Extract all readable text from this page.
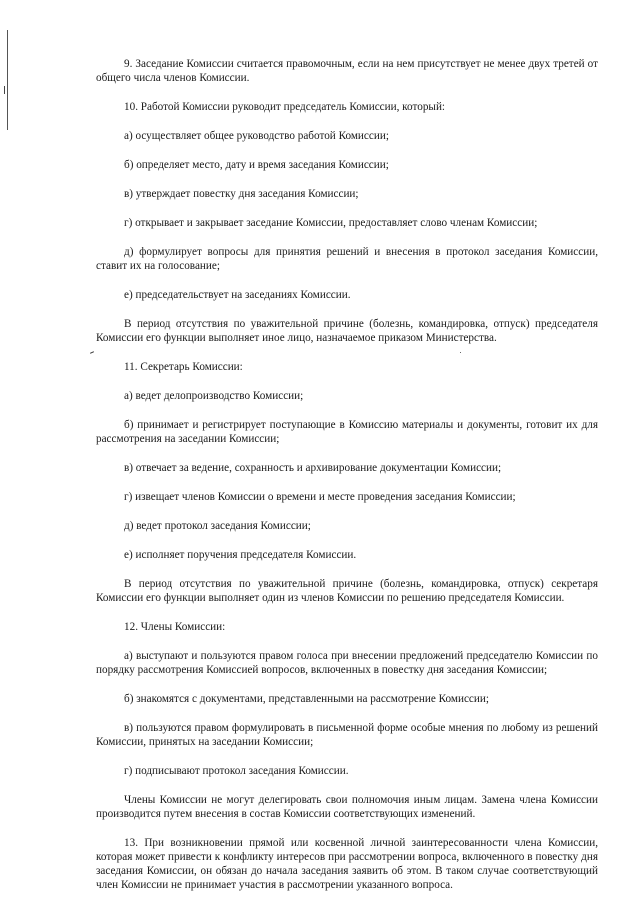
9. Заседание Комиссии считается правомочным, если на нем присутствует не менее двух третей от общего числа членов Комиссии.

10. Работой Комиссии руководит председатель Комиссии, который:

а) осуществляет общее руководство работой Комиссии;

б) определяет место, дату и время заседания Комиссии;

в) утверждает повестку дня заседания Комиссии;

г) открывает и закрывает заседание Комиссии, предоставляет слово членам Комиссии;

д) формулирует вопросы для принятия решений и внесения в протокол заседания Комиссии, ставит их на голосование;

е) председательствует на заседаниях Комиссии.

В период отсутствия по уважительной причине (болезнь, командировка, отпуск) председателя Комиссии его функции выполняет иное лицо, назначаемое приказом Министерства.

11. Секретарь Комиссии:

а) ведет делопроизводство Комиссии;

б) принимает и регистрирует поступающие в Комиссию материалы и документы, готовит их для рассмотрения на заседании Комиссии;

в) отвечает за ведение, сохранность и архивирование документации Комиссии;

г) извещает членов Комиссии о времени и месте проведения заседания Комиссии;

д) ведет протокол заседания Комиссии;

е) исполняет поручения председателя Комиссии.

В период отсутствия по уважительной причине (болезнь, командировка, отпуск) секретаря Комиссии его функции выполняет один из членов Комиссии по решению председателя Комиссии.

12. Члены Комиссии:

а) выступают и пользуются правом голоса при внесении предложений председателю Комиссии по порядку рассмотрения Комиссией вопросов, включенных в повестку дня заседания Комиссии;

б) знакомятся с документами, представленными на рассмотрение Комиссии;

в) пользуются правом формулировать в письменной форме особые мнения по любому из решений Комиссии, принятых на заседании Комиссии;

г) подписывают протокол заседания Комиссии.

Члены Комиссии не могут делегировать свои полномочия иным лицам. Замена члена Комиссии производится путем внесения в состав Комиссии соответствующих изменений.

13. При возникновении прямой или косвенной личной заинтересованности члена Комиссии, которая может привести к конфликту интересов при рассмотрении вопроса, включенного в повестку дня заседания Комиссии, он обязан до начала заседания заявить об этом. В таком случае соответствующий член Комиссии не принимает участия в рассмотрении указанного вопроса.
